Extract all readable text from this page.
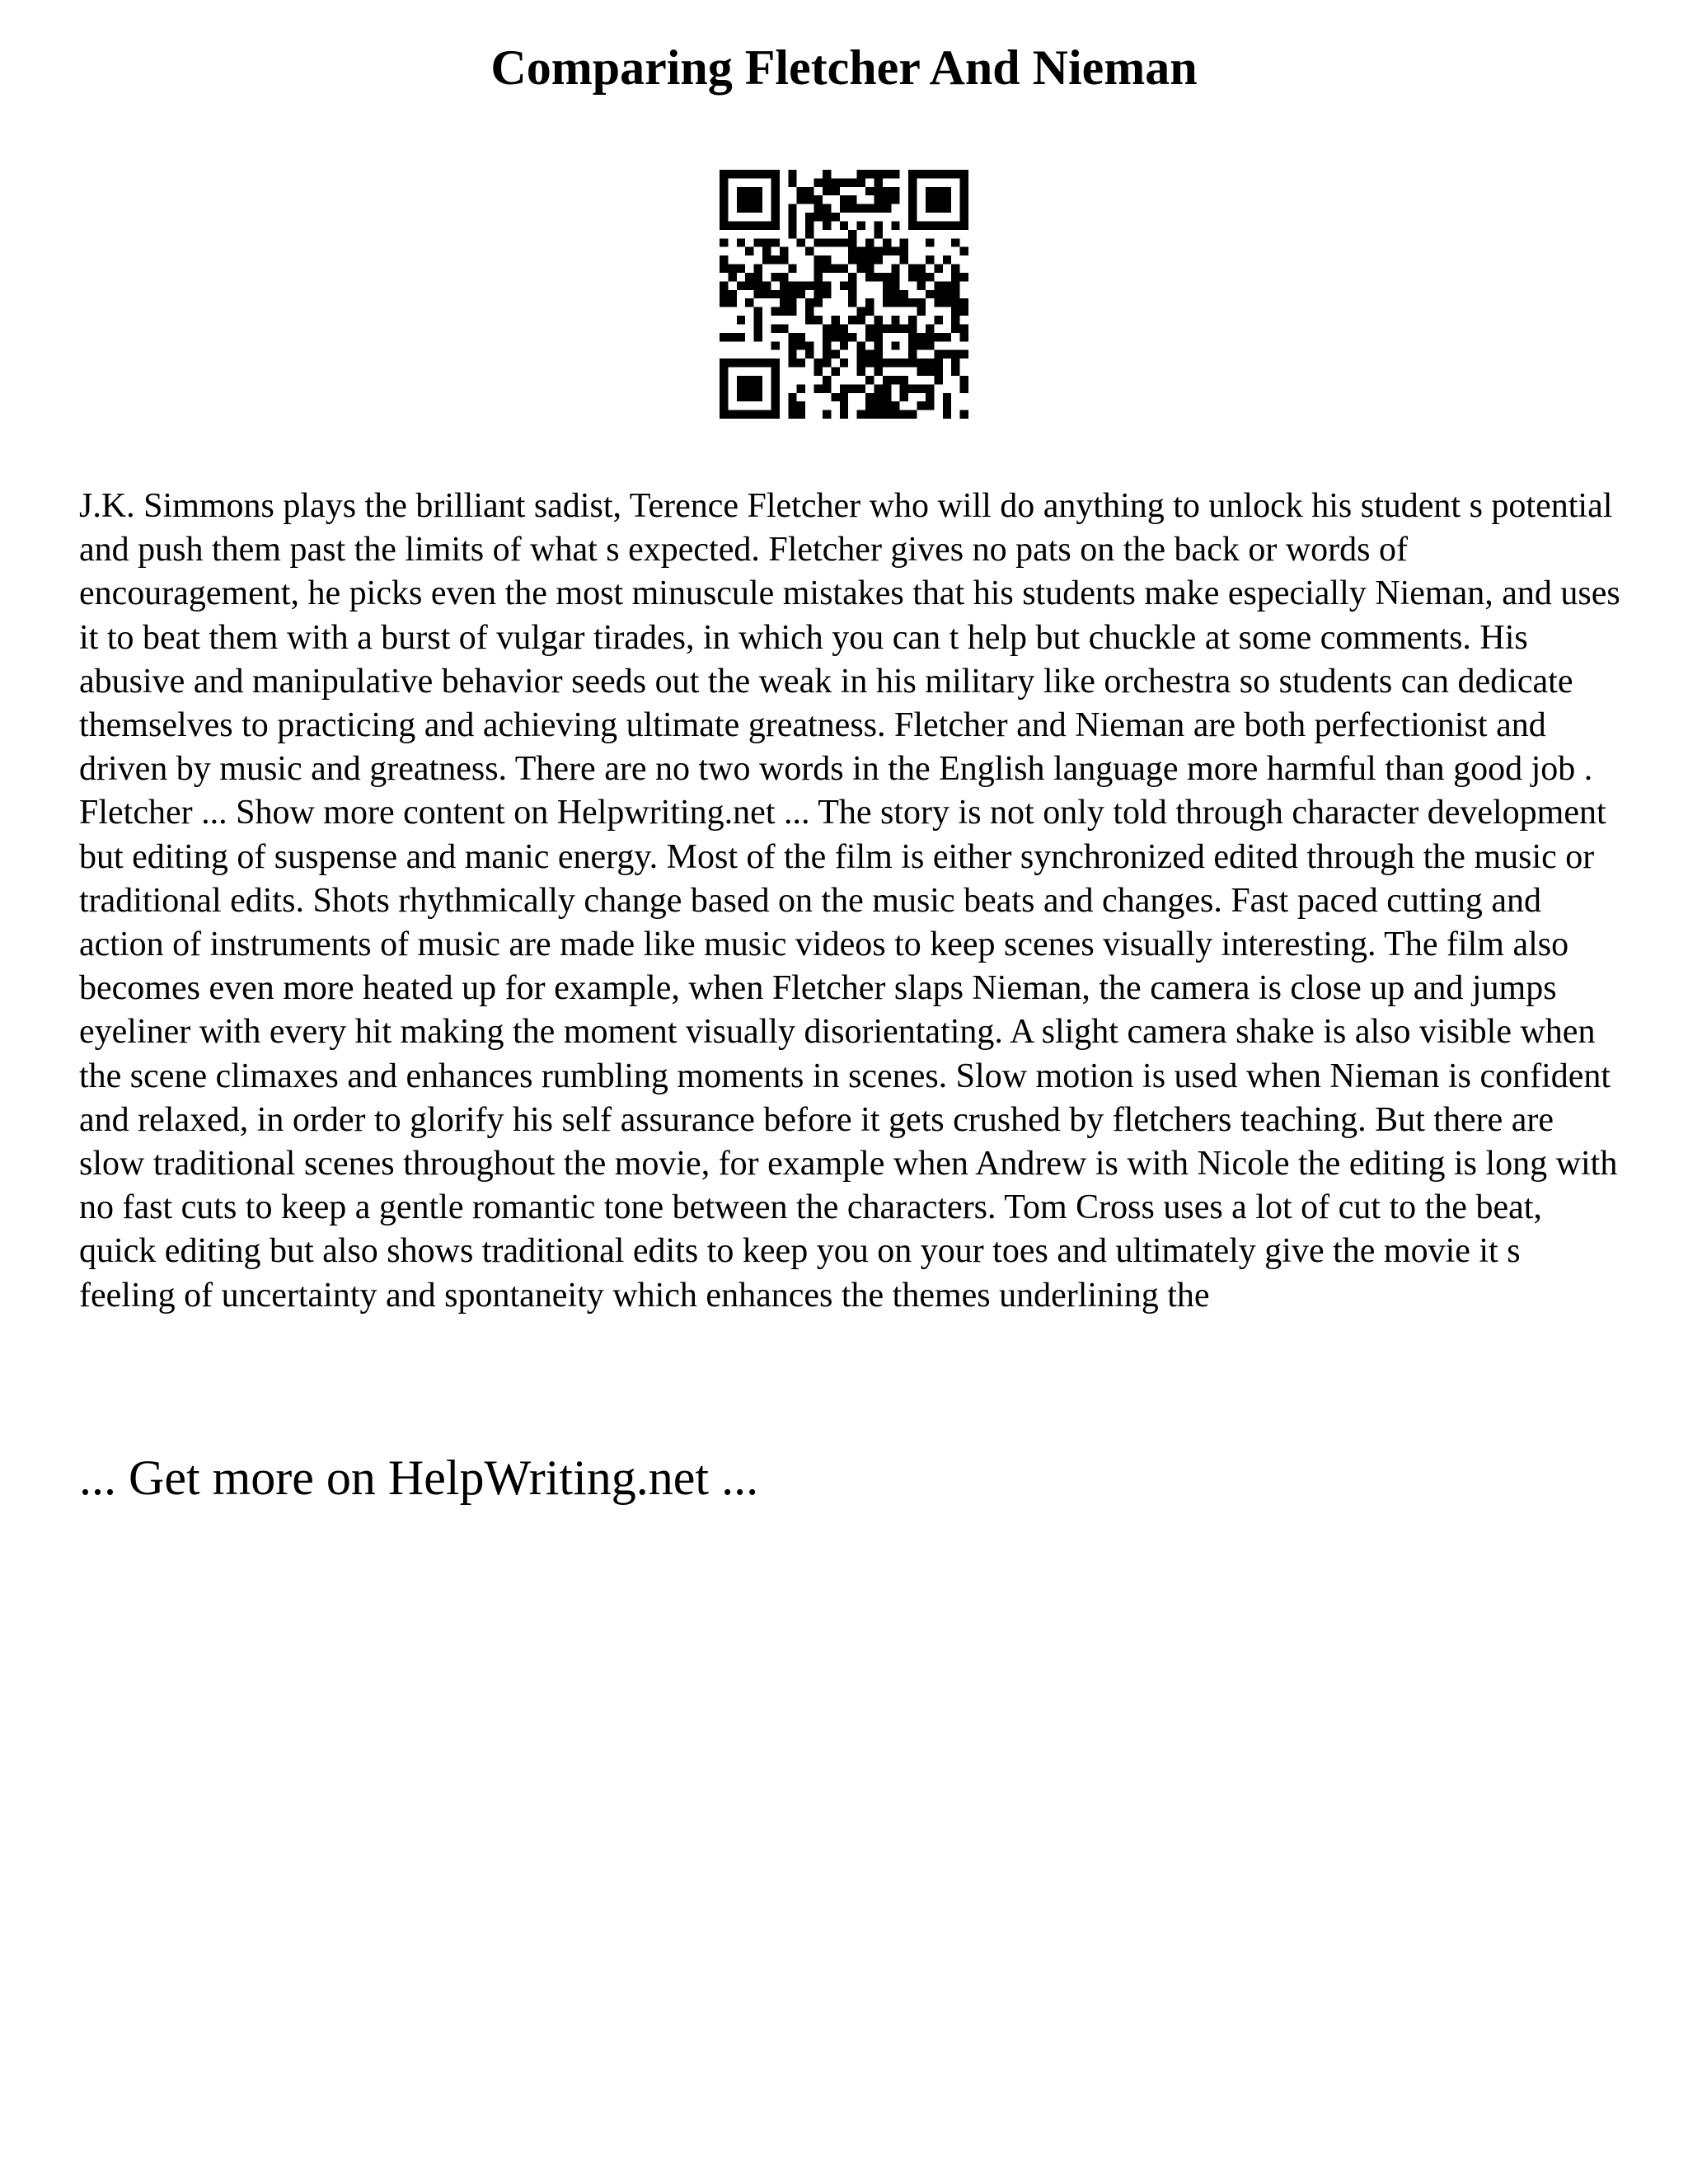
Comparing Fletcher And Nieman

J.K. Simmons plays the brilliant sadist, Terence Fletcher who will do anything to unlock his student s potential and push them past the limits of what s expected. Fletcher gives no pats on the back or words of encouragement, he picks even the most minuscule mistakes that his students make especially Nieman, and uses it to beat them with a burst of vulgar tirades, in which you can t help but chuckle at some comments. His abusive and manipulative behavior seeds out the weak in his military like orchestra so students can dedicate themselves to practicing and achieving ultimate greatness. Fletcher and Nieman are both perfectionist and driven by music and greatness. There are no two words in the English language more harmful than good job . Fletcher ... Show more content on Helpwriting.net ... The story is not only told through character development but editing of suspense and manic energy. Most of the film is either synchronized edited through the music or traditional edits. Shots rhythmically change based on the music beats and changes. Fast paced cutting and action of instruments of music are made like music videos to keep scenes visually interesting. The film also becomes even more heated up for example, when Fletcher slaps Nieman, the camera is close up and jumps eyeliner with every hit making the moment visually disorientating. A slight camera shake is also visible when the scene climaxes and enhances rumbling moments in scenes. Slow motion is used when Nieman is confident and relaxed, in order to glorify his self assurance before it gets crushed by fletchers teaching. But there are slow traditional scenes throughout the movie, for example when Andrew is with Nicole the editing is long with no fast cuts to keep a gentle romantic tone between the characters. Tom Cross uses a lot of cut to the beat, quick editing but also shows traditional edits to keep you on your toes and ultimately give the movie it s feeling of uncertainty and spontaneity which enhances the themes underlining the

... Get more on HelpWriting.net ...
